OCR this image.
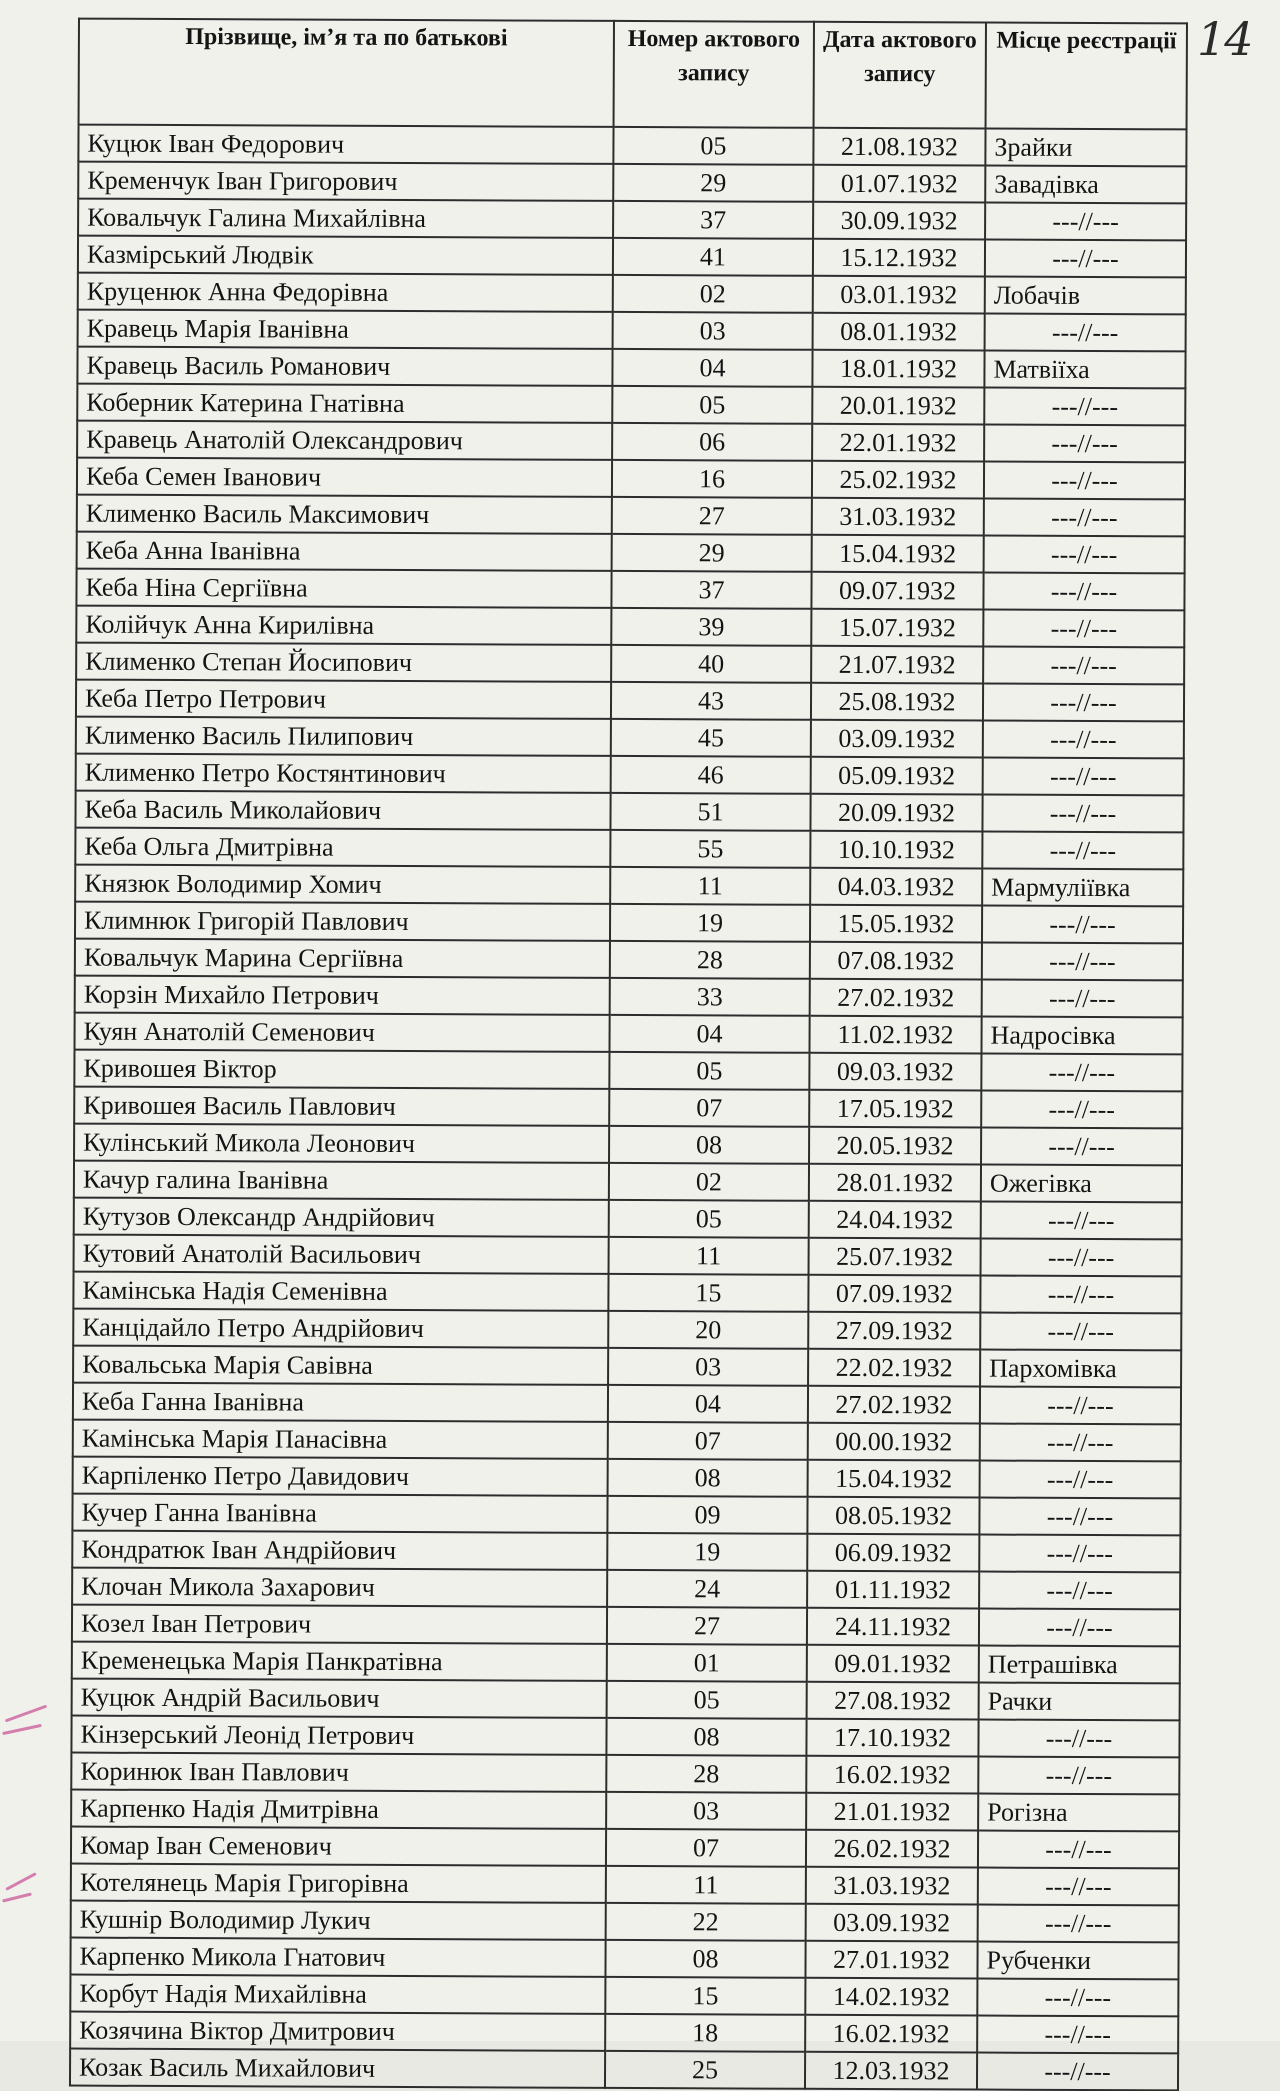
14
Прізвище, ім’я та по батькові	Номер актового запису	Дата актового запису	Місце реєстрації
Куцюк Іван Федорович	05	21.08.1932	Зрайки
Кременчук Іван Григорович	29	01.07.1932	Завадівка
Ковальчук Галина Михайлівна	37	30.09.1932	---//---
Казмірський Людвік	41	15.12.1932	---//---
Круценюк Анна Федорівна	02	03.01.1932	Лобачів
Кравець Марія Іванівна	03	08.01.1932	---//---
Кравець Василь Романович	04	18.01.1932	Матвіїха
Коберник Катерина Гнатівна	05	20.01.1932	---//---
Кравець Анатолій Олександрович	06	22.01.1932	---//---
Кеба Семен Іванович	16	25.02.1932	---//---
Клименко Василь Максимович	27	31.03.1932	---//---
Кеба Анна Іванівна	29	15.04.1932	---//---
Кеба Ніна Сергіївна	37	09.07.1932	---//---
Колійчук Анна Кирилівна	39	15.07.1932	---//---
Клименко Степан Йосипович	40	21.07.1932	---//---
Кеба Петро Петрович	43	25.08.1932	---//---
Клименко Василь Пилипович	45	03.09.1932	---//---
Клименко Петро Костянтинович	46	05.09.1932	---//---
Кеба Василь Миколайович	51	20.09.1932	---//---
Кеба Ольга Дмитрівна	55	10.10.1932	---//---
Князюк Володимир Хомич	11	04.03.1932	Мармуліївка
Климнюк Григорій Павлович	19	15.05.1932	---//---
Ковальчук Марина Сергіївна	28	07.08.1932	---//---
Корзін Михайло Петрович	33	27.02.1932	---//---
Куян Анатолій Семенович	04	11.02.1932	Надросівка
Кривошея Віктор	05	09.03.1932	---//---
Кривошея Василь Павлович	07	17.05.1932	---//---
Кулінський Микола Леонович	08	20.05.1932	---//---
Качур галина Іванівна	02	28.01.1932	Ожегівка
Кутузов Олександр Андрійович	05	24.04.1932	---//---
Кутовий Анатолій Васильович	11	25.07.1932	---//---
Камінська Надія Семенівна	15	07.09.1932	---//---
Канцідайло Петро Андрійович	20	27.09.1932	---//---
Ковальська Марія Савівна	03	22.02.1932	Пархомівка
Кеба Ганна Іванівна	04	27.02.1932	---//---
Камінська Марія Панасівна	07	00.00.1932	---//---
Карпіленко Петро Давидович	08	15.04.1932	---//---
Кучер Ганна Іванівна	09	08.05.1932	---//---
Кондратюк Іван Андрійович	19	06.09.1932	---//---
Клочан Микола Захарович	24	01.11.1932	---//---
Козел Іван Петрович	27	24.11.1932	---//---
Кременецька Марія Панкратівна	01	09.01.1932	Петрашівка
Куцюк Андрій Васильович	05	27.08.1932	Рачки
Кінзерський Леонід Петрович	08	17.10.1932	---//---
Коринюк Іван Павлович	28	16.02.1932	---//---
Карпенко Надія Дмитрівна	03	21.01.1932	Рогізна
Комар Іван Семенович	07	26.02.1932	---//---
Котелянець Марія Григорівна	11	31.03.1932	---//---
Кушнір Володимир Лукич	22	03.09.1932	---//---
Карпенко Микола Гнатович	08	27.01.1932	Рубченки
Корбут Надія Михайлівна	15	14.02.1932	---//---
Козячина Віктор Дмитрович	18	16.02.1932	---//---
Козак Василь Михайлович	25	12.03.1932	---//---
